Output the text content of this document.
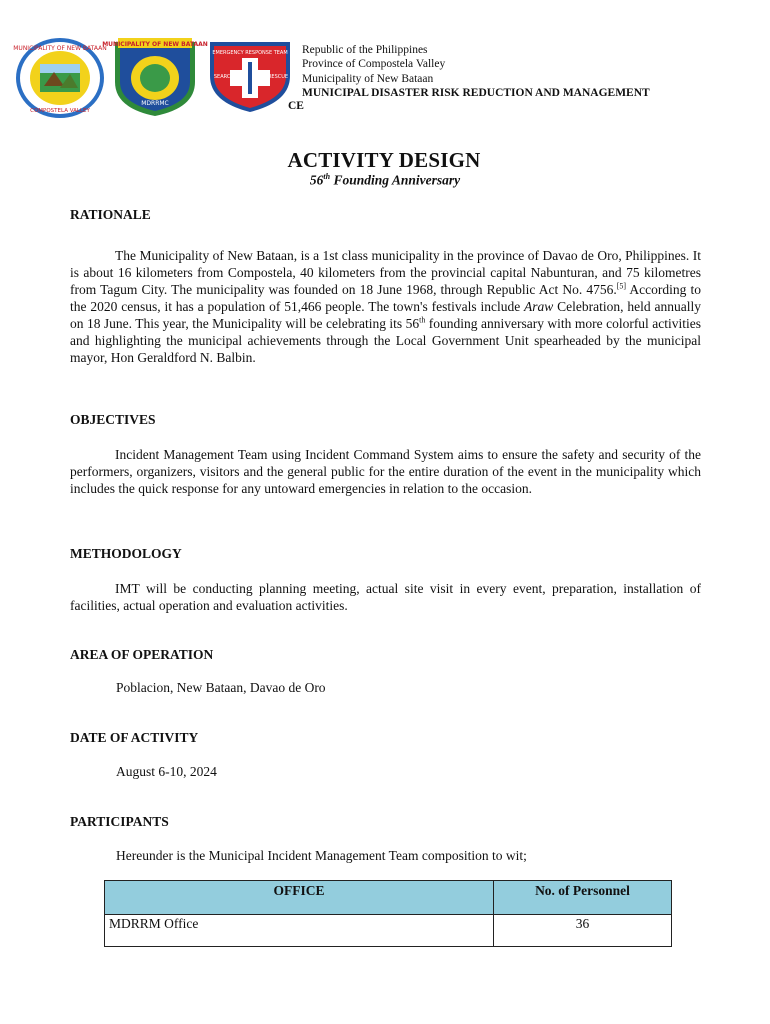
MUNICIPALITY OF NEW BATAAN
COMPOSTELA VALLEY
MUNICIPALITY OF NEW BATAAN
MDRRMC
EMERGENCY RESPONSE TEAM
SEARCH	RESCUE
Republic of the Philippines
Province of Compostela Valley
Municipality of New Bataan
MUNICIPAL DISASTER RISK REDUCTION AND MANAGEMENT
CE
ACTIVITY DESIGN
56th Founding Anniversary
RATIONALE
The Municipality of New Bataan, is a 1st class municipality in the province of Davao de Oro, Philippines. It is about 16 kilometers from Compostela, 40 kilometers from the provincial capital Nabunturan, and 75 kilometres from Tagum City. The municipality was founded on 18 June 1968, through Republic Act No. 4756.[5] According to the 2020 census, it has a population of 51,466 people. The town's festivals include Araw Celebration, held annually on 18 June. This year, the Municipality will be celebrating its 56th founding anniversary with more colorful activities and highlighting the municipal achievements through the Local Government Unit spearheaded by the municipal mayor, Hon Geraldford N. Balbin.
OBJECTIVES
Incident Management Team using Incident Command System aims to ensure the safety and security of the performers, organizers, visitors and the general public for the entire duration of the event in the municipality which includes the quick response for any untoward emergencies in relation to the occasion.
METHODOLOGY
IMT will be conducting planning meeting, actual site visit in every event, preparation, installation of facilities, actual operation and evaluation activities.
AREA OF OPERATION
Poblacion, New Bataan, Davao de Oro
DATE OF ACTIVITY
August 6-10, 2024
PARTICIPANTS
Hereunder is the Municipal Incident Management Team composition to wit;
OFFICE	No. of Personnel
MDRRM Office	36
